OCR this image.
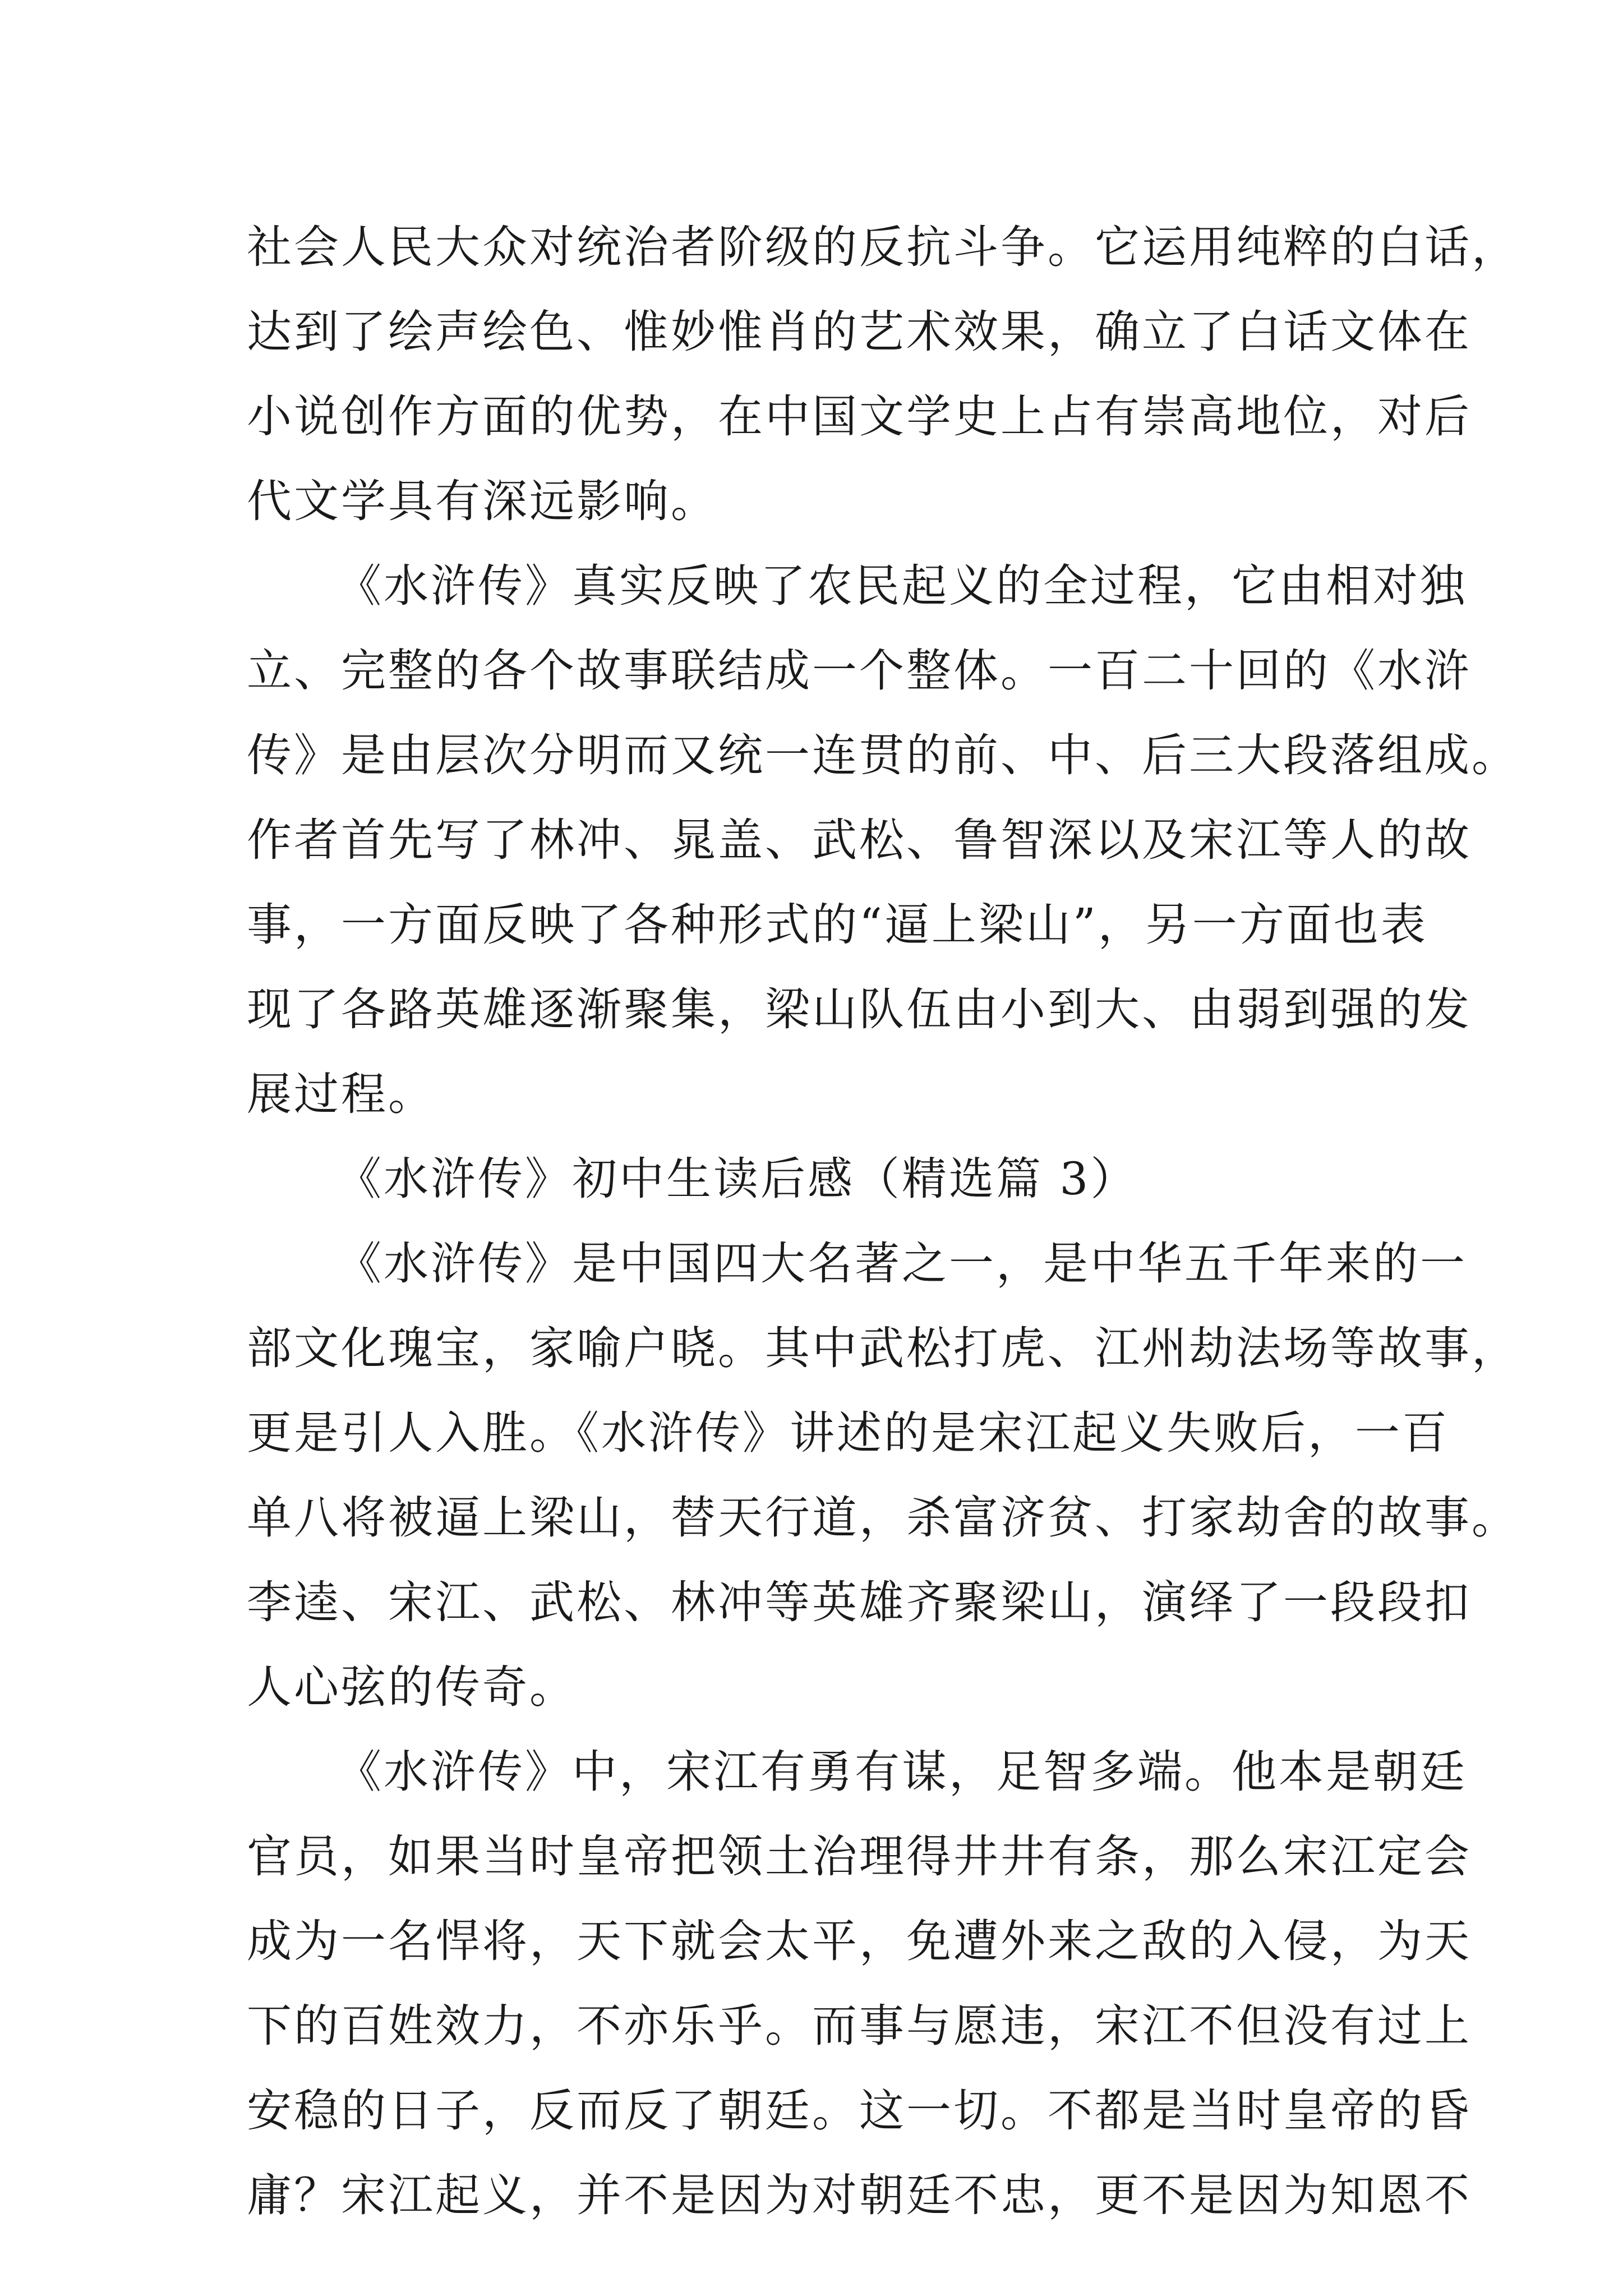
社会人民大众对统治者阶级的反抗斗争。它运用纯粹的白话，
达到了绘声绘色、惟妙惟肖的艺术效果，确立了白话文体在
小说创作方面的优势，在中国文学史上占有崇高地位，对后
代文学具有深远影响。
《水浒传》真实反映了农民起义的全过程，它由相对独
立、完整的各个故事联结成一个整体。一百二十回的《水浒
传》是由层次分明而又统一连贯的前、中、后三大段落组成。
作者首先写了林冲、晁盖、武松、鲁智深以及宋江等人的故
事，一方面反映了各种形式的“逼上梁山”，另一方面也表
现了各路英雄逐渐聚集，梁山队伍由小到大、由弱到强的发
展过程。
《水浒传》初中生读后感（精选篇 3）
《水浒传》是中国四大名著之一，是中华五千年来的一
部文化瑰宝，家喻户晓。其中武松打虎、江州劫法场等故事，
更是引人入胜。《水浒传》讲述的是宋江起义失败后，一百
单八将被逼上梁山，替天行道，杀富济贫、打家劫舍的故事。
李逵、宋江、武松、林冲等英雄齐聚梁山，演绎了一段段扣
人心弦的传奇。
《水浒传》中，宋江有勇有谋，足智多端。他本是朝廷
官员，如果当时皇帝把领土治理得井井有条，那么宋江定会
成为一名悍将，天下就会太平，免遭外来之敌的入侵，为天
下的百姓效力，不亦乐乎。而事与愿违，宋江不但没有过上
安稳的日子，反而反了朝廷。这一切。不都是当时皇帝的昏
庸？宋江起义，并不是因为对朝廷不忠，更不是因为知恩不
